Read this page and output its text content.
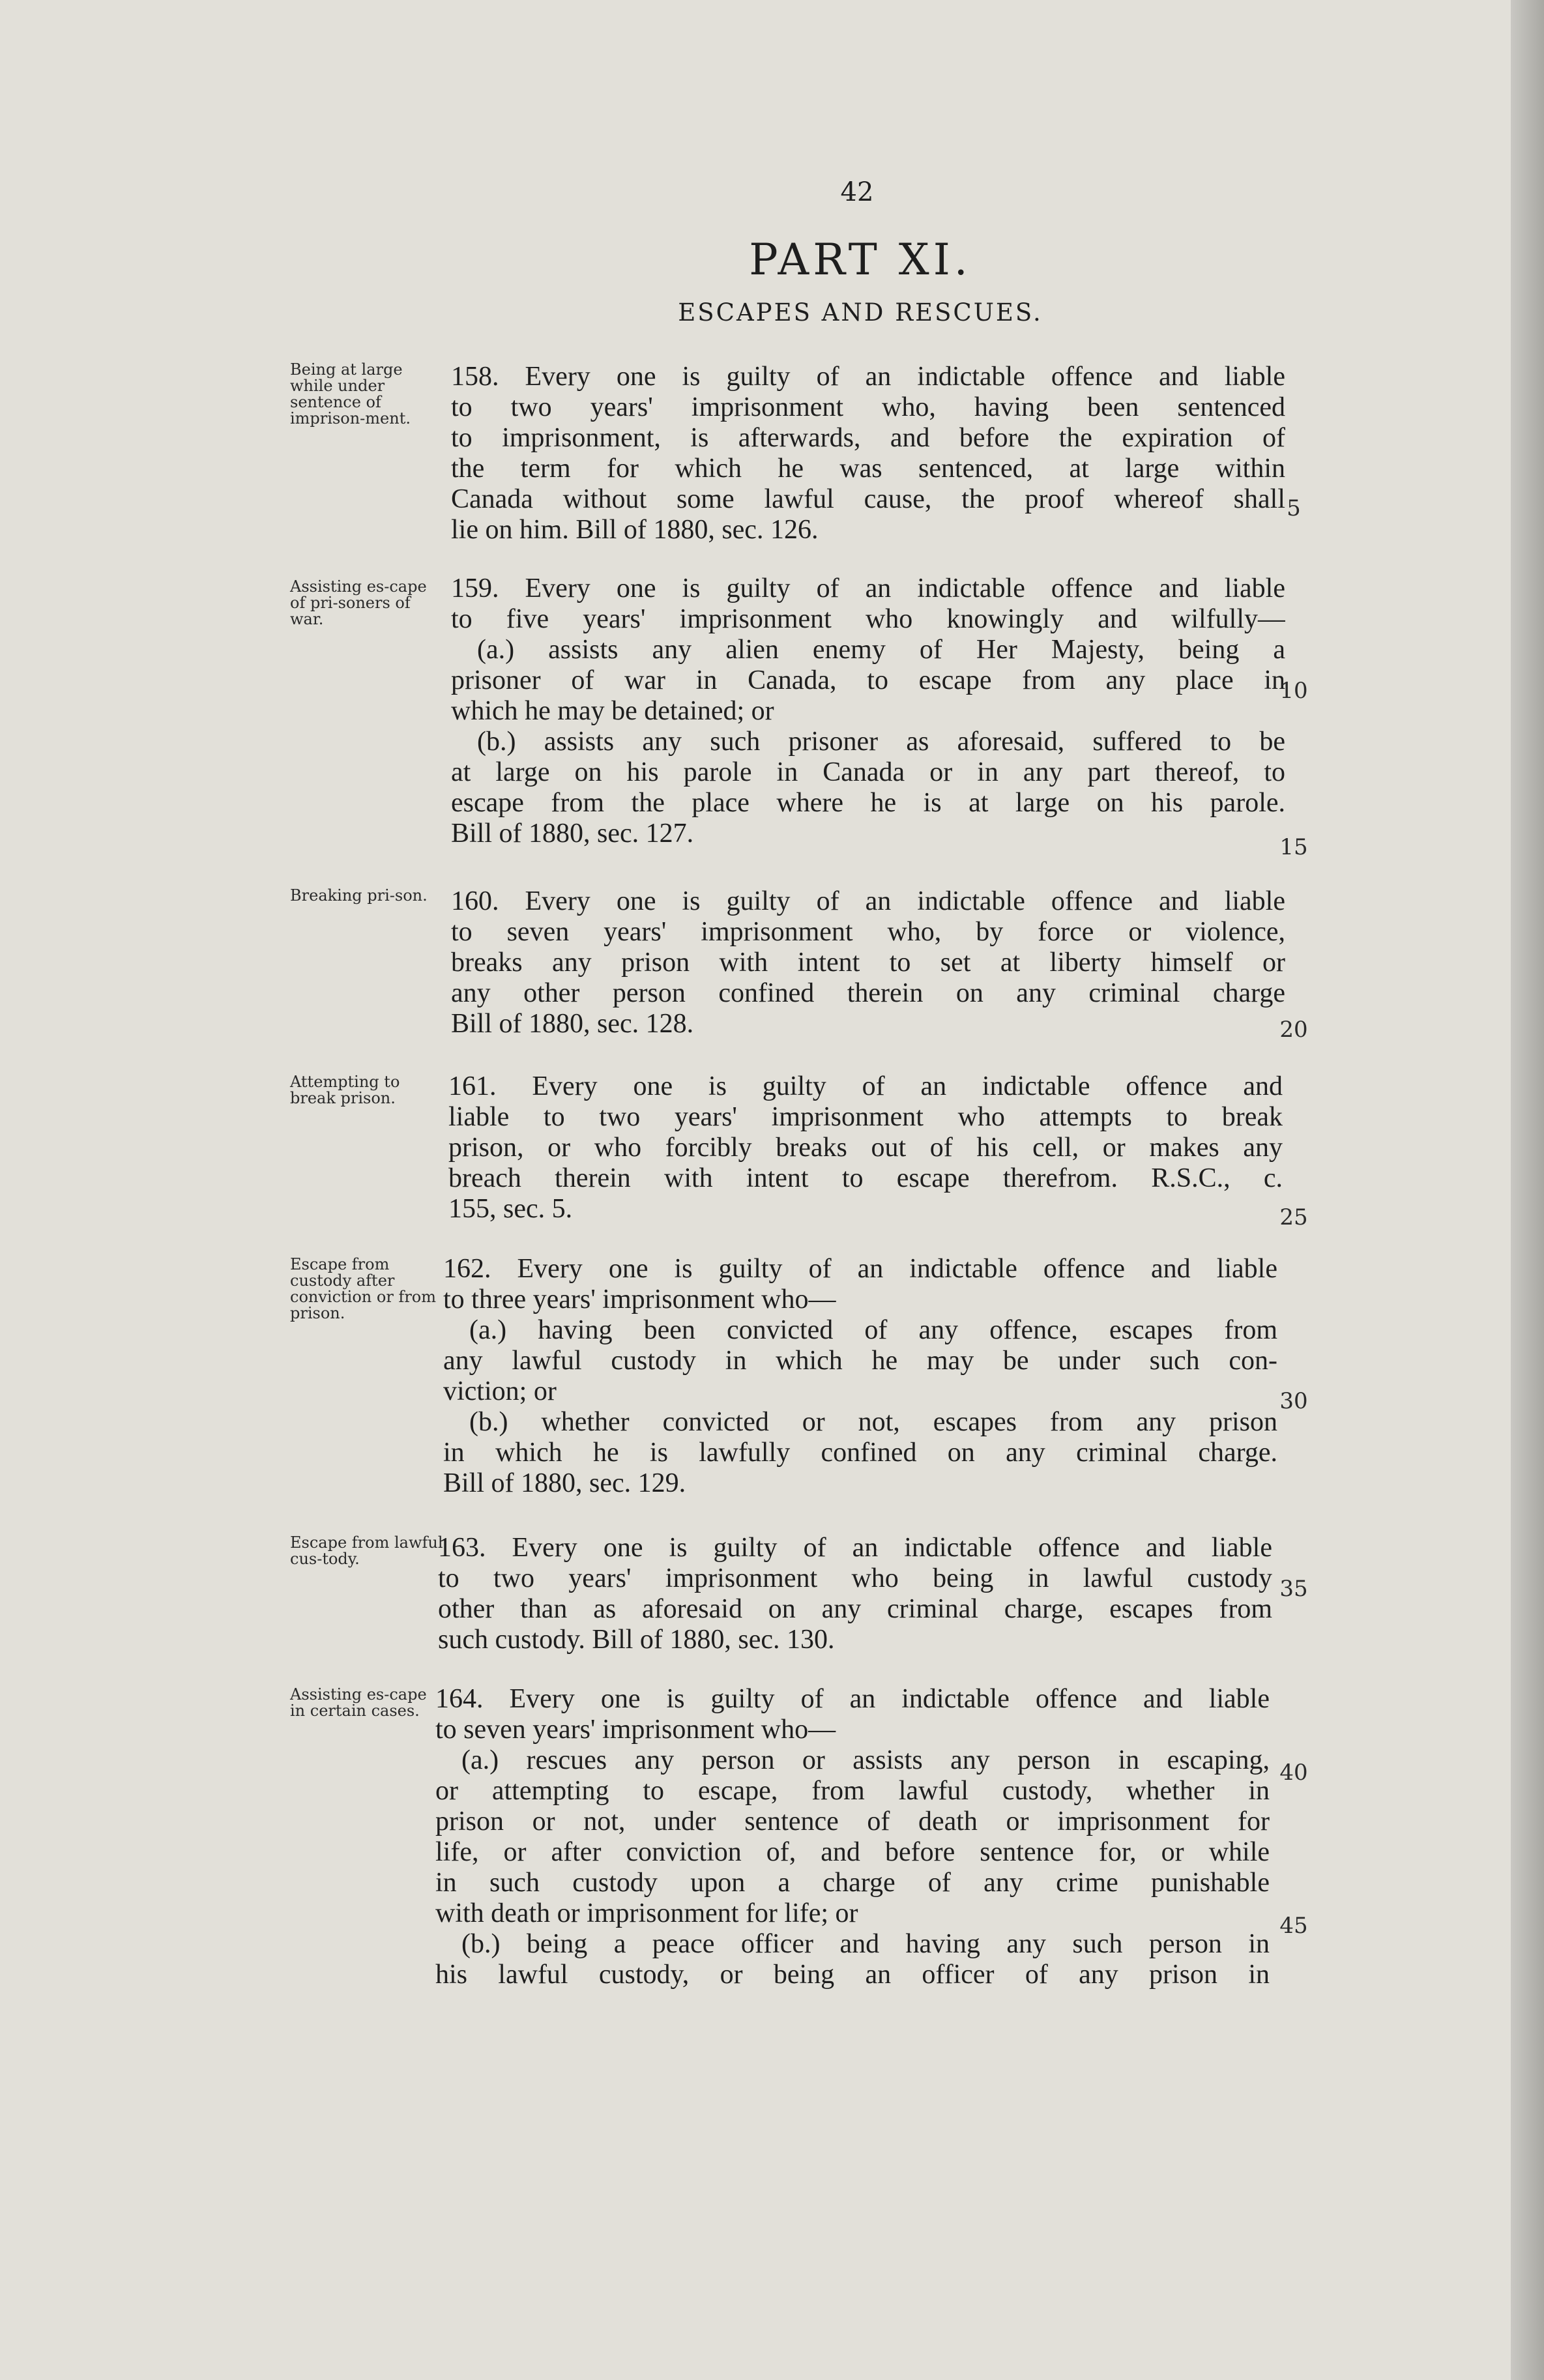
42
PART XI.
ESCAPES AND RESCUES.
Being at large while under sentence of imprison-ment.
158. Every one is guilty of an indictable offence and liable
to two years' imprisonment who, having been sentenced
to imprisonment, is afterwards, and before the expiration of
the term for which he was sentenced, at large within
Canada without some lawful cause, the proof whereof shall
lie on him. Bill of 1880, sec. 126.
Assisting es-cape of pri-soners of war.
159. Every one is guilty of an indictable offence and liable
to five years' imprisonment who knowingly and wilfully—
(a.) assists any alien enemy of Her Majesty, being a
prisoner of war in Canada, to escape from any place in
which he may be detained; or
(b.) assists any such prisoner as aforesaid, suffered to be
at large on his parole in Canada or in any part thereof, to
escape from the place where he is at large on his parole.
Bill of 1880, sec. 127.
Breaking pri-son. 160. Every one is guilty of an indictable offence and liable
to seven years' imprisonment who, by force or violence,
breaks any prison with intent to set at liberty himself or
any other person confined therein on any criminal charge
Bill of 1880, sec. 128.
Attempting to break prison.	161. Every one is guilty of an indictable offence and
liable to two years' imprisonment who attempts to break
prison, or who forcibly breaks out of his cell, or makes any
breach therein with intent to escape therefrom. R.S.C., c.
155, sec. 5.
Escape from custody after conviction or from prison.
162. Every one is guilty of an indictable offence and liable
to three years' imprisonment who—
(a.) having been convicted of any offence, escapes from
any lawful custody in which he may be under such con-
viction; or
(b.) whether convicted or not, escapes from any prison
in which he is lawfully confined on any criminal charge.
Bill of 1880, sec. 129.
Escape from lawful cus-tody.	163. Every one is guilty of an indictable offence and liable
to two years' imprisonment who being in lawful custody
other than as aforesaid on any criminal charge, escapes from
such custody. Bill of 1880, sec. 130.
Assisting es-cape in certain cases. 164. Every one is guilty of an indictable offence and liable
to seven years' imprisonment who—
(a.) rescues any person or assists any person in escaping,
or attempting to escape, from lawful custody, whether in
prison or not, under sentence of death or imprisonment for
life, or after conviction of, and before sentence for, or while
in such custody upon a charge of any crime punishable
with death or imprisonment for life; or
(b.) being a peace officer and having any such person in
his lawful custody, or being an officer of any prison in
5
10
15
20
25
30
35
40
45
